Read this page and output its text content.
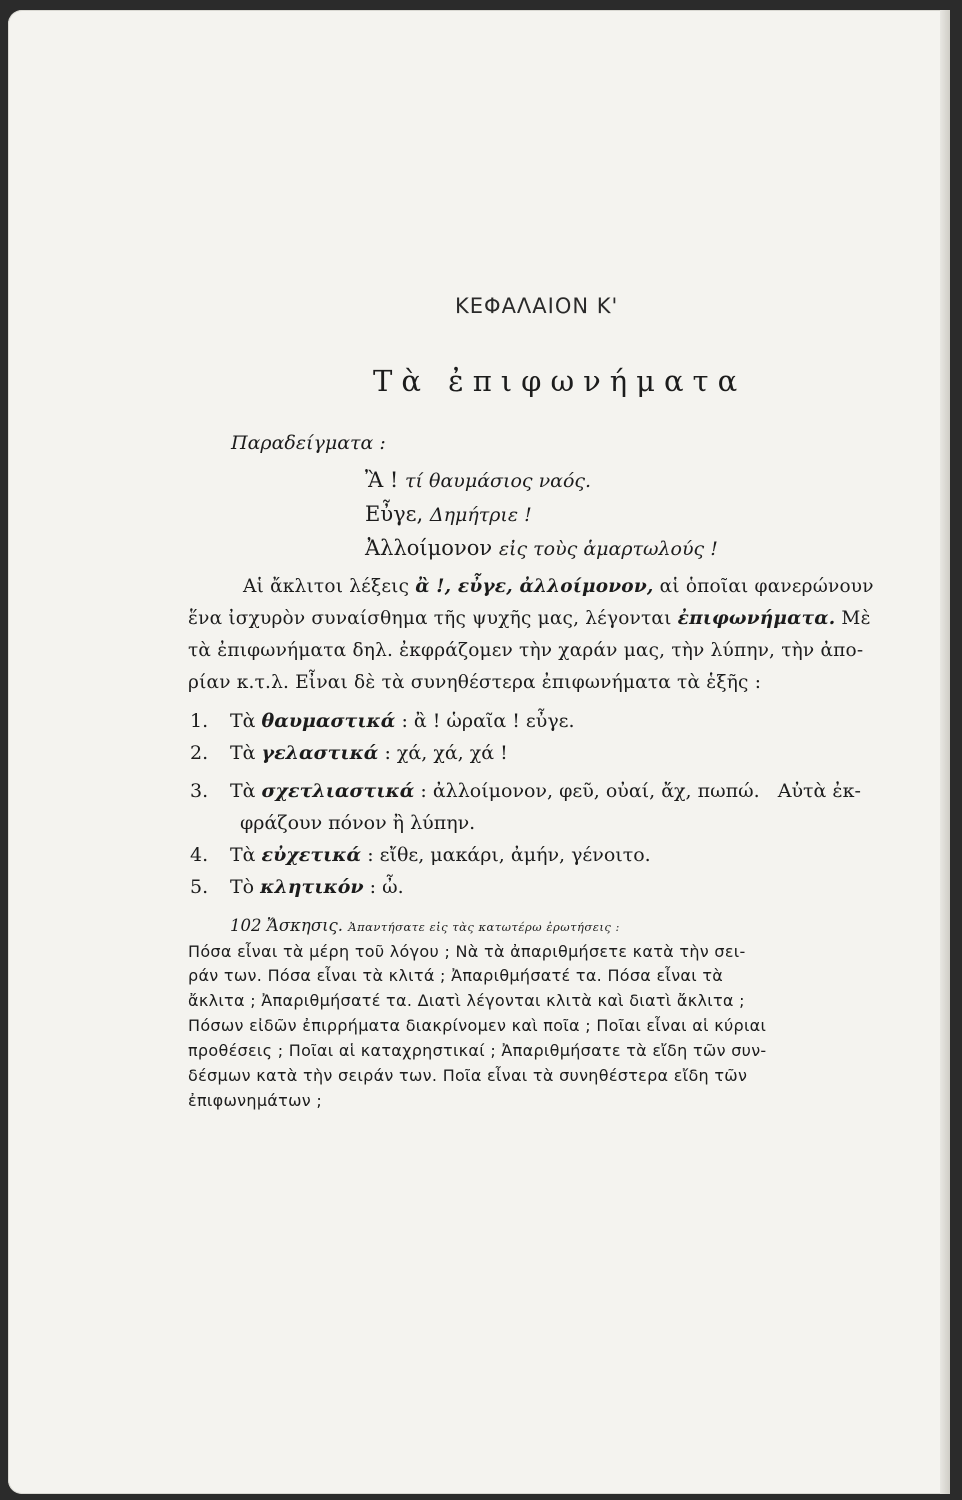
ΚΕΦΑΛΑΙΟΝ Κ'
Τὰ ἐπιφωνήματα
Παραδείγματα :
Ἂ ! τί θαυμάσιος ναός.
Εὖγε, Δημήτριε !
Ἀλλοίμονον εἰς τοὺς ἁμαρτωλούς !
Αἱ ἄκλιτοι λέξεις ἂ !, εὖγε, ἀλλοίμονον, αἱ ὁποῖαι φανερώνουν
ἕνα ἰσχυρὸν συναίσθημα τῆς ψυχῆς μας, λέγονται ἐπιφωνήματα. Μὲ
τὰ ἐπιφωνήματα δηλ. ἐκφράζομεν τὴν χαράν μας, τὴν λύπην, τὴν ἀπο-
ρίαν κ.τ.λ. Εἶναι δὲ τὰ συνηθέστερα ἐπιφωνήματα τὰ ἑξῆς :
1. Τὰ θαυμαστικά : ἂ ! ὡραῖα ! εὖγε.
2. Τὰ γελαστικά : χά, χά, χά !
3. Τὰ σχετλιαστικά : ἀλλοίμονον, φεῦ, οὐαί, ἄχ, πωπώ.   Αὐτὰ ἐκ-
φράζουν πόνον ἢ λύπην.
4. Τὰ εὐχετικά : εἴθε, μακάρι, ἀμήν, γένοιτο.
5. Τὸ κλητικόν : ὦ.
102 Ἄσκησις. Ἀπαντήσατε εἰς τὰς κατωτέρω ἐρωτήσεις :
Πόσα εἶναι τὰ μέρη τοῦ λόγου ; Νὰ τὰ ἀπαριθμήσετε κατὰ τὴν σει-
ράν των. Πόσα εἶναι τὰ κλιτά ; Ἀπαριθμήσατέ τα. Πόσα εἶναι τὰ
ἄκλιτα ; Ἀπαριθμήσατέ τα. Διατὶ λέγονται κλιτὰ καὶ διατὶ ἄκλιτα ;
Πόσων εἰδῶν ἐπιρρήματα διακρίνομεν καὶ ποῖα ; Ποῖαι εἶναι αἱ κύριαι
προθέσεις ; Ποῖαι αἱ καταχρηστικαί ; Ἀπαριθμήσατε τὰ εἴδη τῶν συν-
δέσμων κατὰ τὴν σειράν των. Ποῖα εἶναι τὰ συνηθέστερα εἴδη τῶν
ἐπιφωνημάτων ;
